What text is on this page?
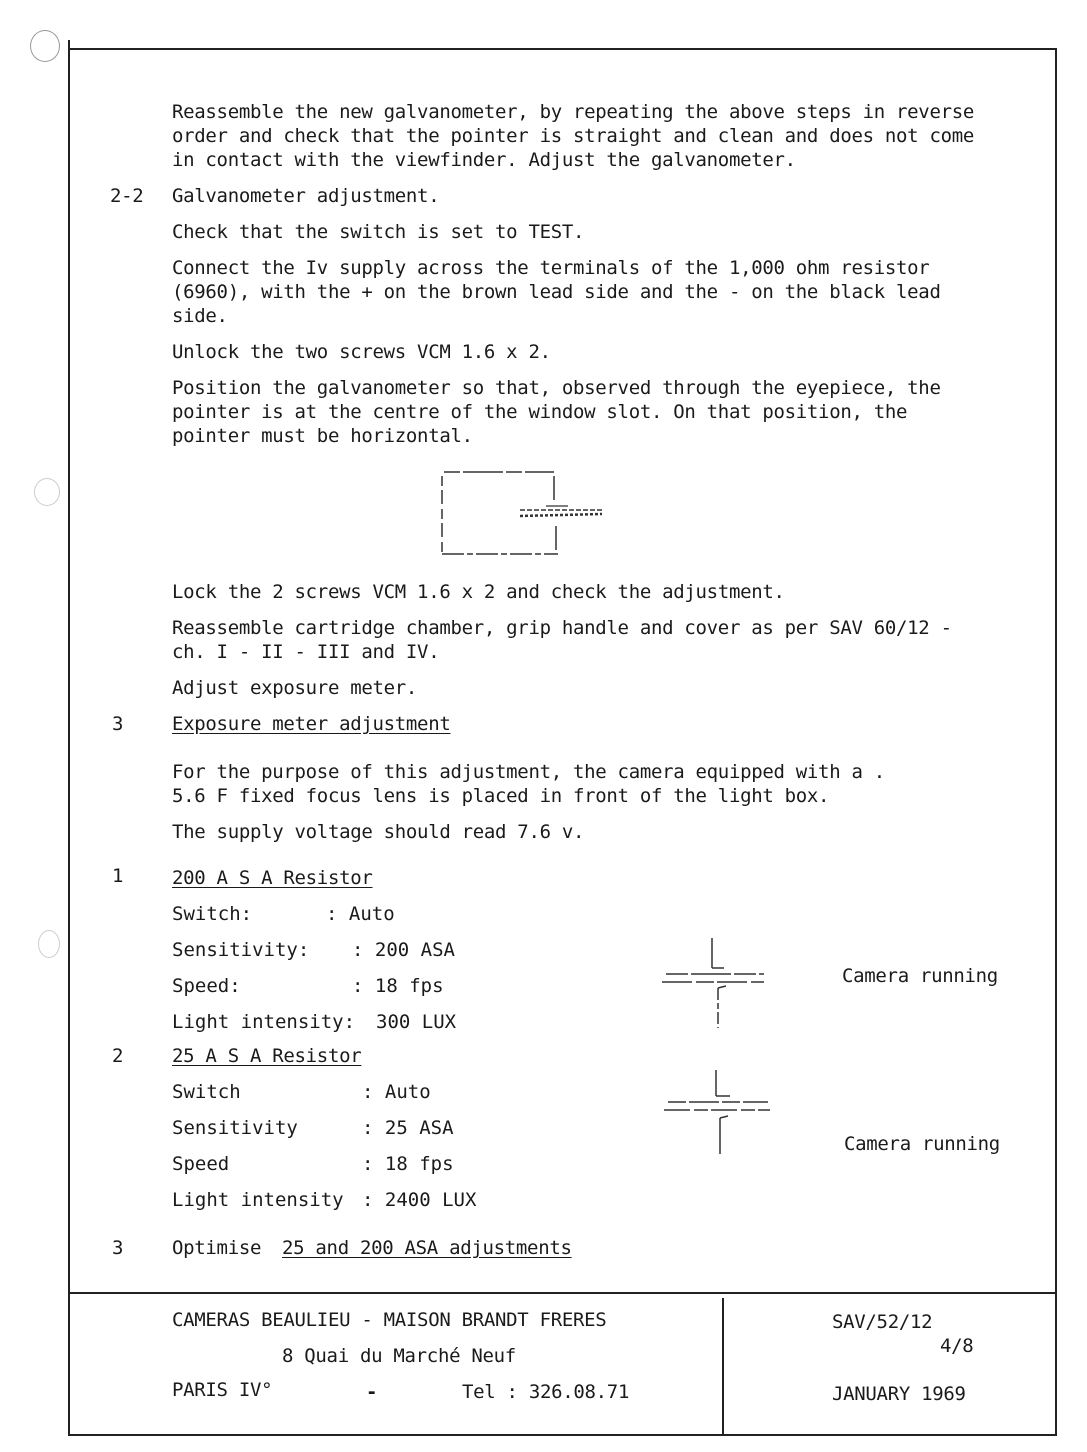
Reassemble the new galvanometer, by repeating the above steps in reverse
order and check that the pointer is straight and clean and does not come
in contact with the viewfinder. Adjust the galvanometer.
2-2 Galvanometer adjustment.
Check that the switch is set to TEST.
Connect the Iv supply across the terminals of the 1,000 ohm resistor
(6960), with the + on the brown lead side and the - on the black lead
side.
Unlock the two screws VCM 1.6 x 2.
Position the galvanometer so that, observed through the eyepiece, the
pointer is at the centre of the window slot. On that position, the
pointer must be horizontal.
Lock the 2 screws VCM 1.6 x 2 and check the adjustment.
Reassemble cartridge chamber, grip handle and cover as per SAV 60/12 -
ch. I - II - III and IV.
Adjust exposure meter.
3	Exposure meter adjustment
For the purpose of this adjustment, the camera equipped with a .
5.6 F fixed focus lens is placed in front of the light box.
The supply voltage should read 7.6 v.
1	200 A S A Resistor
Switch:	: Auto
Sensitivity: : 200 ASA
Speed:	: 18 fps
Light intensity: 300 LUX
Camera running
2	25 A S A Resistor
Switch	: Auto
Sensitivity	: 25 ASA
Speed	: 18 fps
Light intensity : 2400 LUX
Camera running
3	Optimise 25 and 200 ASA adjustments
CAMERAS BEAULIEU - MAISON BRANDT FRERES
8 Quai du Marché Neuf
PARIS IV°	-	Tel : 326.08.71
SAV/52/12
4/8
JANUARY 1969
